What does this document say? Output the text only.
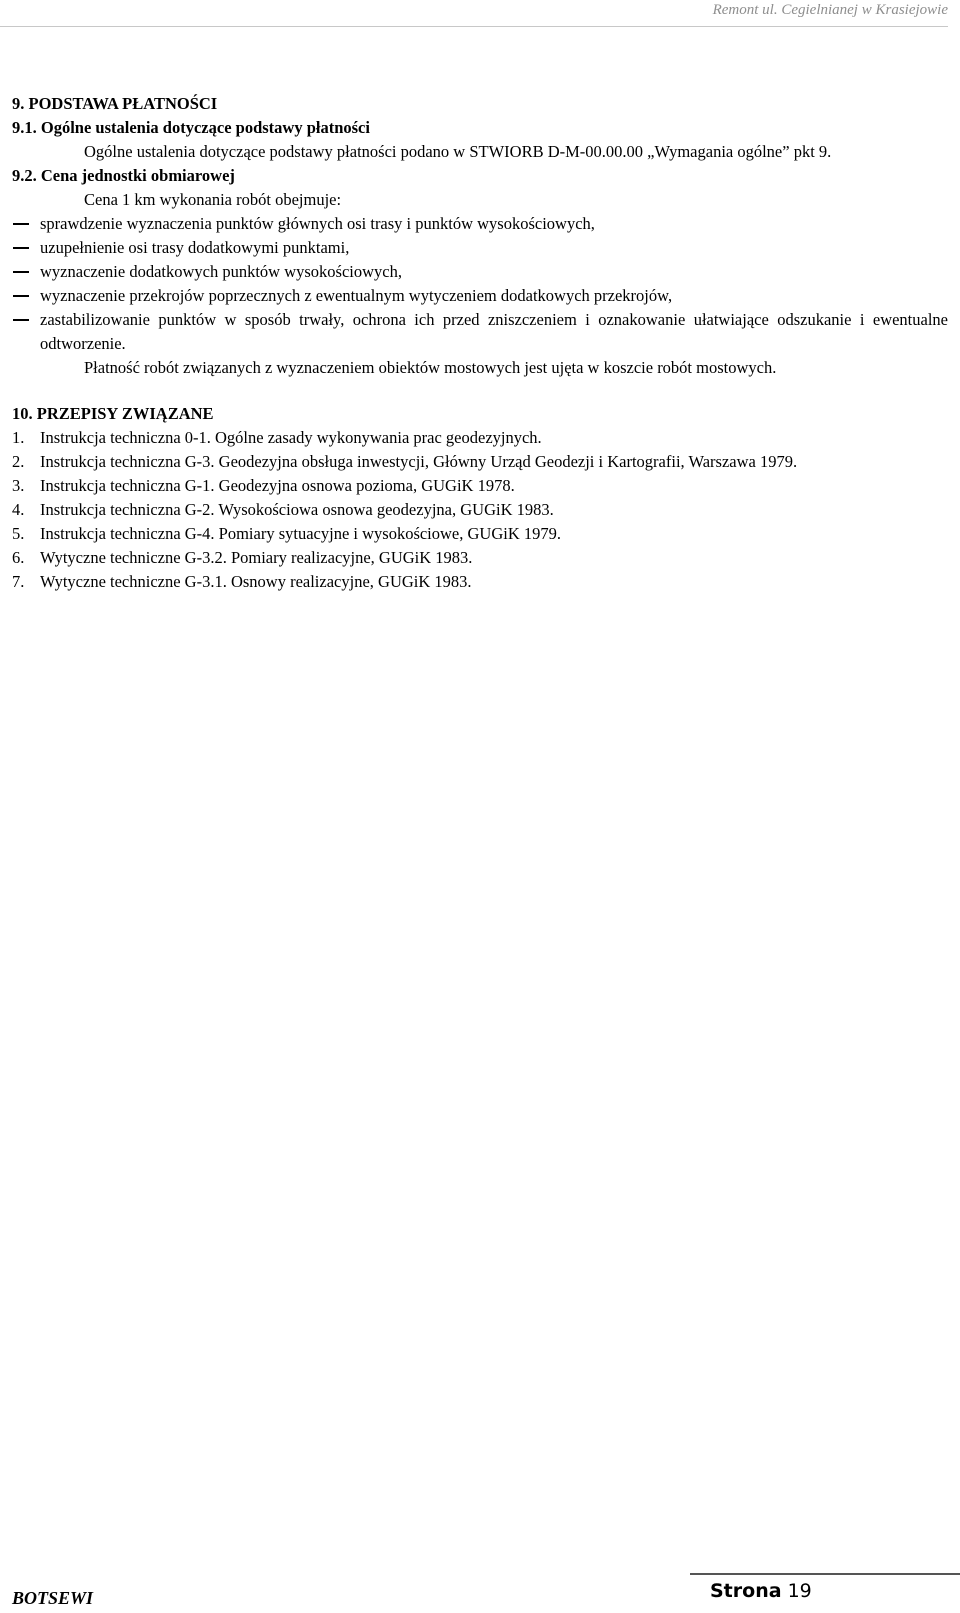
Remont ul. Cegielnianej w Krasiejowie
9. PODSTAWA PŁATNOŚCI
9.1. Ogólne ustalenia dotyczące podstawy płatności
Ogólne ustalenia dotyczące podstawy płatności podano w STWIORB D-M-00.00.00 „Wymagania ogólne” pkt 9.
9.2. Cena jednostki obmiarowej
Cena 1 km wykonania robót obejmuje:
sprawdzenie wyznaczenia punktów głównych osi trasy i punktów wysokościowych,
uzupełnienie osi trasy dodatkowymi punktami,
wyznaczenie dodatkowych punktów wysokościowych,
wyznaczenie przekrojów poprzecznych z ewentualnym wytyczeniem dodatkowych przekrojów,
zastabilizowanie punktów w sposób trwały, ochrona ich przed zniszczeniem i oznakowanie ułatwiające odszukanie i ewentualne odtworzenie.
Płatność robót związanych z wyznaczeniem obiektów mostowych jest ujęta w koszcie robót mostowych.
10. PRZEPISY ZWIĄZANE
1. Instrukcja techniczna 0-1. Ogólne zasady wykonywania prac geodezyjnych.
2. Instrukcja techniczna G-3. Geodezyjna obsługa inwestycji, Główny Urząd Geodezji i Kartografii, Warszawa 1979.
3. Instrukcja techniczna G-1. Geodezyjna osnowa pozioma, GUGiK 1978.
4. Instrukcja techniczna G-2. Wysokościowa osnowa geodezyjna, GUGiK 1983.
5. Instrukcja techniczna G-4. Pomiary sytuacyjne i wysokościowe, GUGiK 1979.
6. Wytyczne techniczne G-3.2. Pomiary realizacyjne, GUGiK 1983.
7. Wytyczne techniczne G-3.1. Osnowy realizacyjne, GUGiK 1983.
BOTSEWI	Strona 19
